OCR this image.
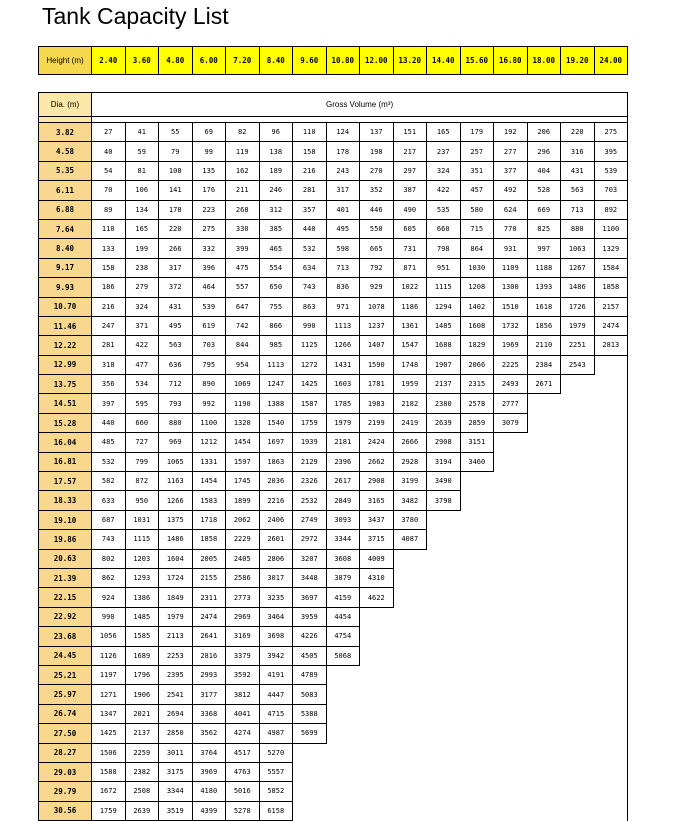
Tank Capacity List
Height (m)	2.40	3.60	4.80	6.00	7.20	8.40	9.60	10.80	12.00	13.20	14.40	15.60	16.80	18.00	19.20	24.00
Dia. (m)	Gross Volume (m³)															

3.82	27	41	55	69	82	96	110	124	137	151	165	179	192	206	220	275
4.58	40	59	79	99	119	138	158	178	198	217	237	257	277	296	316	395
5.35	54	81	108	135	162	189	216	243	270	297	324	351	377	404	431	539
6.11	70	106	141	176	211	246	281	317	352	387	422	457	492	528	563	703
6.88	89	134	178	223	268	312	357	401	446	490	535	580	624	669	713	892
7.64	110	165	220	275	330	385	440	495	550	605	660	715	770	825	880	1100
8.40	133	199	266	332	399	465	532	598	665	731	798	864	931	997	1063	1329
9.17	158	238	317	396	475	554	634	713	792	871	951	1030	1109	1188	1267	1584
9.93	186	279	372	464	557	650	743	836	929	1022	1115	1208	1300	1393	1486	1858
10.70	216	324	431	539	647	755	863	971	1078	1186	1294	1402	1510	1618	1726	2157
11.46	247	371	495	619	742	866	990	1113	1237	1361	1485	1608	1732	1856	1979	2474
12.22	281	422	563	703	844	985	1125	1266	1407	1547	1688	1829	1969	2110	2251	2813
12.99	318	477	636	795	954	1113	1272	1431	1590	1748	1907	2066	2225	2384	2543	
13.75	356	534	712	890	1069	1247	1425	1603	1781	1959	2137	2315	2493	2671		
14.51	397	595	793	992	1190	1388	1587	1785	1983	2182	2380	2578	2777			
15.28	440	660	880	1100	1320	1540	1759	1979	2199	2419	2639	2859	3079			
16.04	485	727	969	1212	1454	1697	1939	2181	2424	2666	2908	3151				
16.81	532	799	1065	1331	1597	1863	2129	2396	2662	2928	3194	3460				
17.57	582	872	1163	1454	1745	2036	2326	2617	2908	3199	3490					
18.33	633	950	1266	1583	1899	2216	2532	2849	3165	3482	3798					
19.10	687	1031	1375	1718	2062	2406	2749	3093	3437	3780						
19.86	743	1115	1486	1858	2229	2601	2972	3344	3715	4087						
20.63	802	1203	1604	2005	2405	2806	3207	3608	4009							
21.39	862	1293	1724	2155	2586	3017	3448	3879	4310							
22.15	924	1386	1849	2311	2773	3235	3697	4159	4622							
22.92	990	1485	1979	2474	2969	3464	3959	4454								
23.68	1056	1585	2113	2641	3169	3698	4226	4754								
24.45	1126	1689	2253	2816	3379	3942	4505	5068								
25.21	1197	1796	2395	2993	3592	4191	4789									
25.97	1271	1906	2541	3177	3812	4447	5083									
26.74	1347	2021	2694	3368	4041	4715	5388									
27.50	1425	2137	2850	3562	4274	4987	5699									
28.27	1506	2259	3011	3764	4517	5270										
29.03	1588	2382	3175	3969	4763	5557										
29.79	1672	2508	3344	4180	5016	5852										
30.56	1759	2639	3519	4399	5278	6158										
